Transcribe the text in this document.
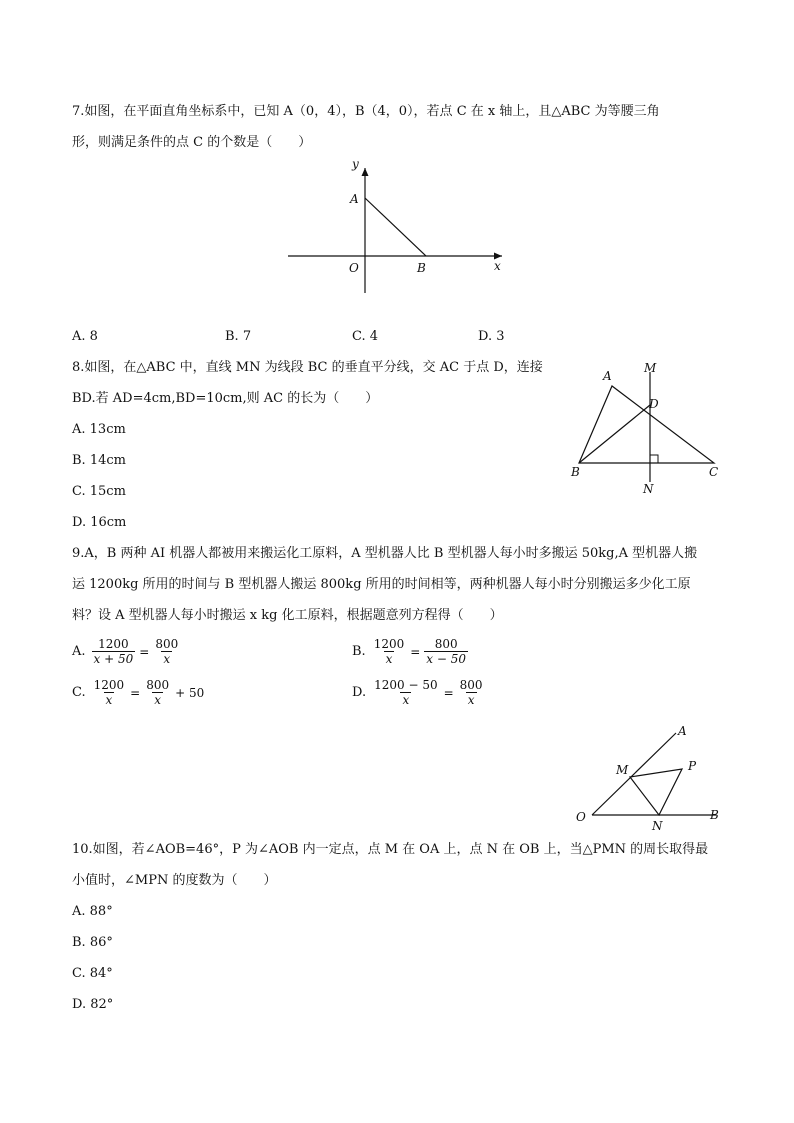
7.如图，在平面直角坐标系中，已知 A（0，4），B（4，0），若点 C 在 x 轴上，且△ABC 为等腰三角
形，则满足条件的点 C 的个数是（　　）
y
x
A
O	B
A. 8	B. 7	C. 4	D. 3
8.如图，在△ABC 中，直线 MN 为线段 BC 的垂直平分线，交 AC 于点 D，连接
BD.若 AD=4cm,BD=10cm,则 AC 的长为（　　）
A
M
D
B
N
C
A. 13cm
B. 14cm
C. 15cm
D. 16cm
9.A，B 两种 AI 机器人都被用来搬运化工原料，A 型机器人比 B 型机器人每小时多搬运 50kg,A 型机器人搬
运 1200kg 所用的时间与 B 型机器人搬运 800kg 所用的时间相等，两种机器人每小时分别搬运多少化工原
料？设 A 型机器人每小时搬运 x kg 化工原料，根据题意列方程得（　　）
A. $\frac{1200}{x + 50} = \frac{800}{x}$	B. $\frac{1200}{x} = \frac{800}{x - 50}$
C. $\frac{1200}{x} = \frac{800}{x} + 50$	D. $\frac{1200 - 50}{x} = \frac{800}{x}$
A
M	P
O
N
B
10.如图，若∠AOB=46°，P 为∠AOB 内一定点，点 M 在 OA 上，点 N 在 OB 上，当△PMN 的周长取得最
小值时，∠MPN 的度数为（　　）
A. 88°
B. 86°
C. 84°
D. 82°
